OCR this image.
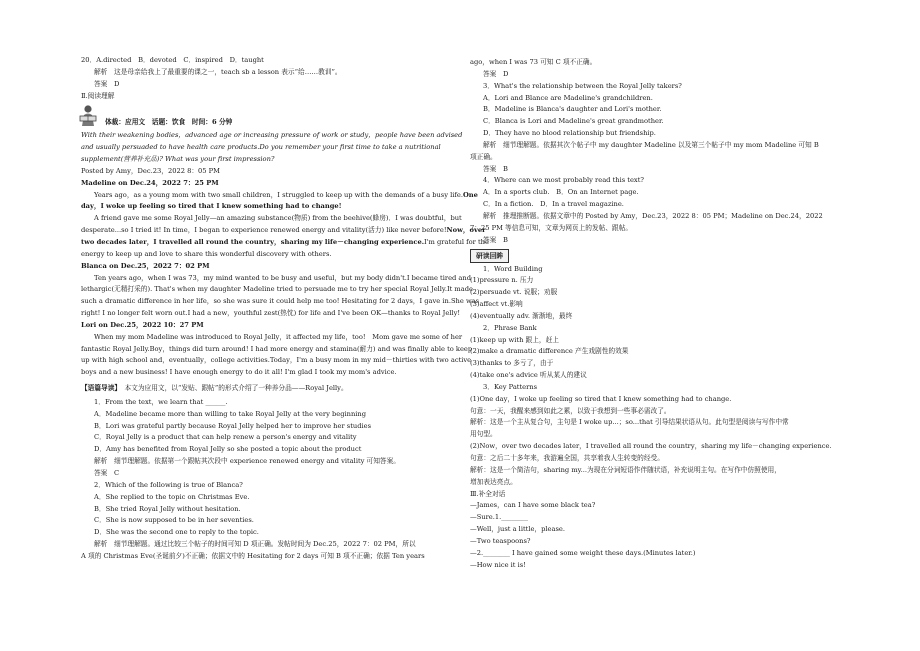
20．A.directed　B．devoted　C．inspired　D．taught
解析　这是母亲给我上了最重要的课之一，teach sb a lesson 表示“给……教训”。
答案　D
Ⅱ.阅读理解
体裁：应用文　话题：饮食　时间：6 分钟
With their weakening bodies，advanced age or increasing pressure of work or study，people have been advised
and usually persuaded to have health care products.Do you remember your first time to take a nutritional
supplement(营养补充品)? What was your first impression?
Posted by Amy，Dec.23，2022 8：05 PM
Madeline on Dec.24，2022 7：25 PM
Years ago，as a young mom with two small children，I struggled to keep up with the demands of a busy life.One
day，I woke up feeling so tired that I knew something had to change!
A friend gave me some Royal Jelly—an amazing substance(物质) from the beehive(蜂房)．I was doubtful，but
desperate...so I tried it! In time，I began to experience renewed energy and vitality(活力) like never before!Now，over
two decades later，I travelled all round the country，sharing my life－changing experience.I'm grateful for the
energy to keep up and love to share this wonderful discovery with others.
Blanca on Dec.25，2022 7：02 PM
Ten years ago，when I was 73，my mind wanted to be busy and useful，but my body didn't.I became tired and
lethargic(无精打采的). That's when my daughter Madeline tried to persuade me to try her special Royal Jelly.It made
such a dramatic difference in her life，so she was sure it could help me too! Hesitating for 2 days，I gave in.She was
right! I no longer felt worn out.I had a new，youthful zest(热忱) for life and I've been OK—thanks to Royal Jelly!
Lori on Dec.25，2022 10：27 PM
When my mom Madeline was introduced to Royal Jelly，it affected my life，too!　Mom gave me some of her
fantastic Royal Jelly.Boy，things did turn around! I had more energy and stamina(耐力) and was finally able to keep
up with high school and，eventually，college activities.Today，I'm a busy mom in my mid－thirties with two active
boys and a new business! I have enough energy to do it all! I'm glad I took my mom's advice.
【语篇导读】　 本文为应用文，以“发贴、跟帖”的形式介绍了一种养分品——Royal Jelly。
1．From the text，we learn that ______.
A．Madeline became more than willing to take Royal Jelly at the very beginning
B．Lori was grateful partly because Royal Jelly helped her to improve her studies
C．Royal Jelly is a product that can help renew a person's energy and vitality
D．Amy has benefited from Royal Jelly so she posted a topic about the product
解析　细节理解题。依据第一个跟帖其次段中 experience renewed energy and vitality 可知答案。
答案　C
2．Which of the following is true of Blanca?
A．She replied to the topic on Christmas Eve.
B．She tried Royal Jelly without hesitation.
C．She is now supposed to be in her seventies.
D．She was the second one to reply to the topic.
解析　细节理解题。通过比较三个帖子的时间可知 D 项正确。发帖时间为 Dec.25，2022 7：02 PM，所以
A 项的 Christmas Eve(圣诞前夕)不正确；依据文中的 Hesitating for 2 days 可知 B 项不正确；依据 Ten years
ago，when I was 73 可知 C 项不正确。
答案　D
3．What's the relationship between the Royal Jelly takers?
A．Lori and Blance are Madeline's grandchildren.
B．Madeline is Blanca's daughter and Lori's mother.
C．Blanca is Lori and Madeline's great grandmother.
D．They have no blood relationship but friendship.
解析　细节理解题。依据其次个帖子中 my daughter Madeline 以及第三个帖子中 my mom Madeline 可知 B
项正确。
答案　B
4．Where can we most probably read this text?
A．In a sports club.　B．On an Internet page.
C．In a fiction.　D．In a travel magazine.
解析　推理推断题。依据文章中的 Posted by Amy，Dec.23，2022 8：05 PM；Madeline on Dec.24，2022
7：25 PM 等信息可知，文章为网页上的发帖、跟帖。
答案　B
研读回眸
1．Word Building
(1)pressure n. 压力
(2)persuade vt. 说服；劝服
(3)affect vt.影响
(4)eventually adv. 渐渐地，最终
2．Phrase Bank
(1)keep up with 跟上，赶上
(2)make a dramatic difference 产生戏剧性的效果
(3)thanks to 多亏了，由于
(4)take one's advice 听从某人的建议
3．Key Patterns
(1)One day，I woke up feeling so tired that I knew something had to change.
句意：一天，我醒来感到如此之累，以致于我想到一些事必需改了。
解析：这是一个主从复合句，主句是 I woke up...；so...that 引导结果状语从句。此句型是阅读与写作中常
用句型。
(2)Now，over two decades later，I travelled all round the country，sharing my life－changing experience.
句意：之后二十多年来，我游遍全国，共享着我人生转变的经受。
解析：这是一个简洁句，sharing my...为现在分词短语作伴随状语，补充说明主句。在写作中仿照使用，
增加表达亮点。
Ⅲ.补全对话
—James，can I have some black tea?
—Sure.1.________
—Well，just a little，please.
—Two teaspoons?
—2.________ I have gained some weight these days.(Minutes later.)
—How nice it is!
